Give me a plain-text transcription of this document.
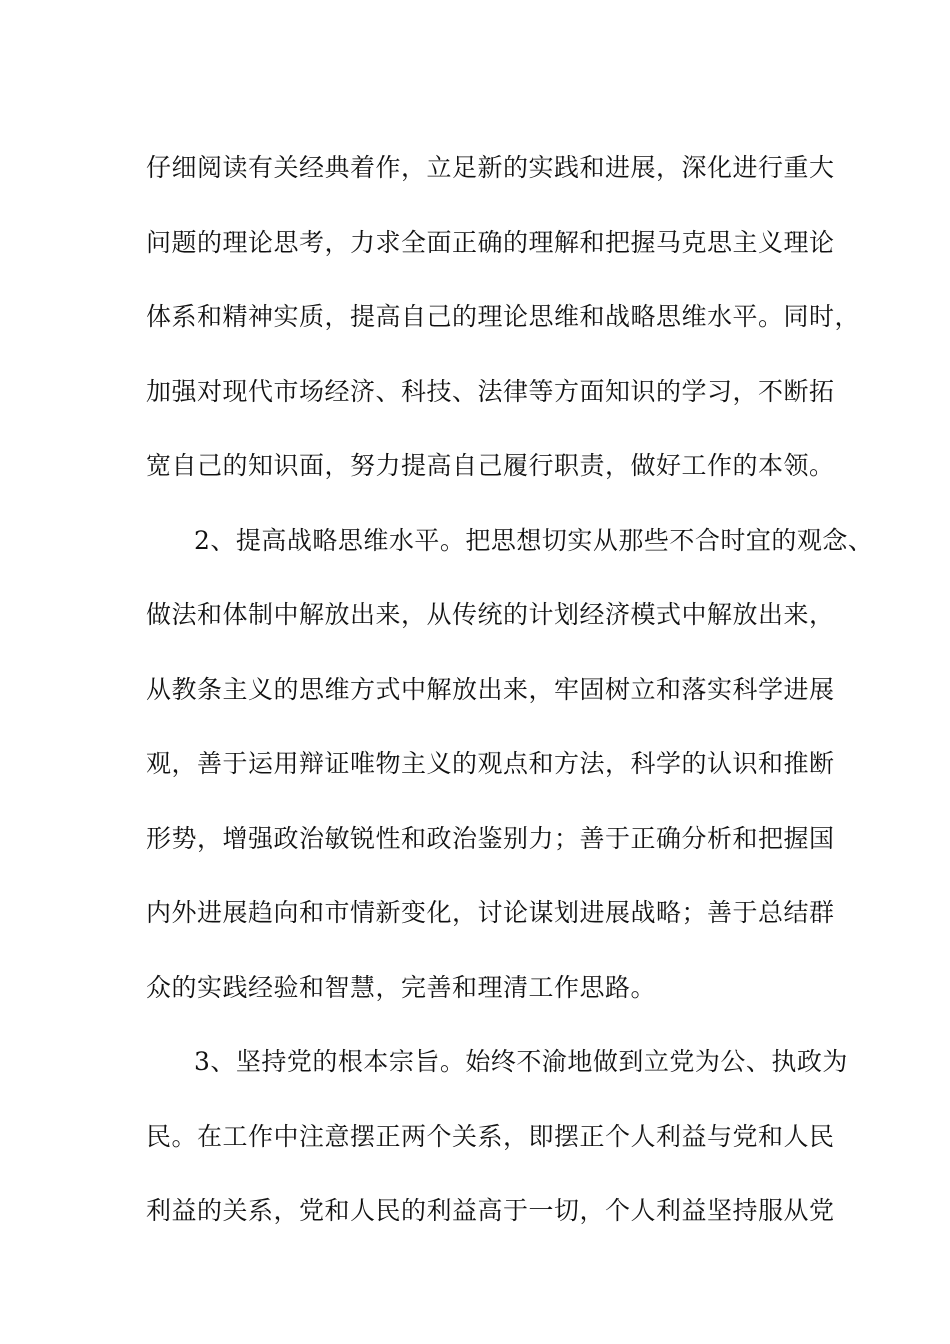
仔细阅读有关经典着作，立足新的实践和进展，深化进行重大
问题的理论思考，力求全面正确的理解和把握马克思主义理论
体系和精神实质，提高自己的理论思维和战略思维水平。同时，
加强对现代市场经济、科技、法律等方面知识的学习，不断拓
宽自己的知识面，努力提高自己履行职责，做好工作的本领。
2、提高战略思维水平。把思想切实从那些不合时宜的观念、
做法和体制中解放出来，从传统的计划经济模式中解放出来，
从教条主义的思维方式中解放出来，牢固树立和落实科学进展
观，善于运用辩证唯物主义的观点和方法，科学的认识和推断
形势，增强政治敏锐性和政治鉴别力；善于正确分析和把握国
内外进展趋向和市情新变化，讨论谋划进展战略；善于总结群
众的实践经验和智慧，完善和理清工作思路。
3、坚持党的根本宗旨。始终不渝地做到立党为公、执政为
民。在工作中注意摆正两个关系，即摆正个人利益与党和人民
利益的关系，党和人民的利益高于一切，个人利益坚持服从党
